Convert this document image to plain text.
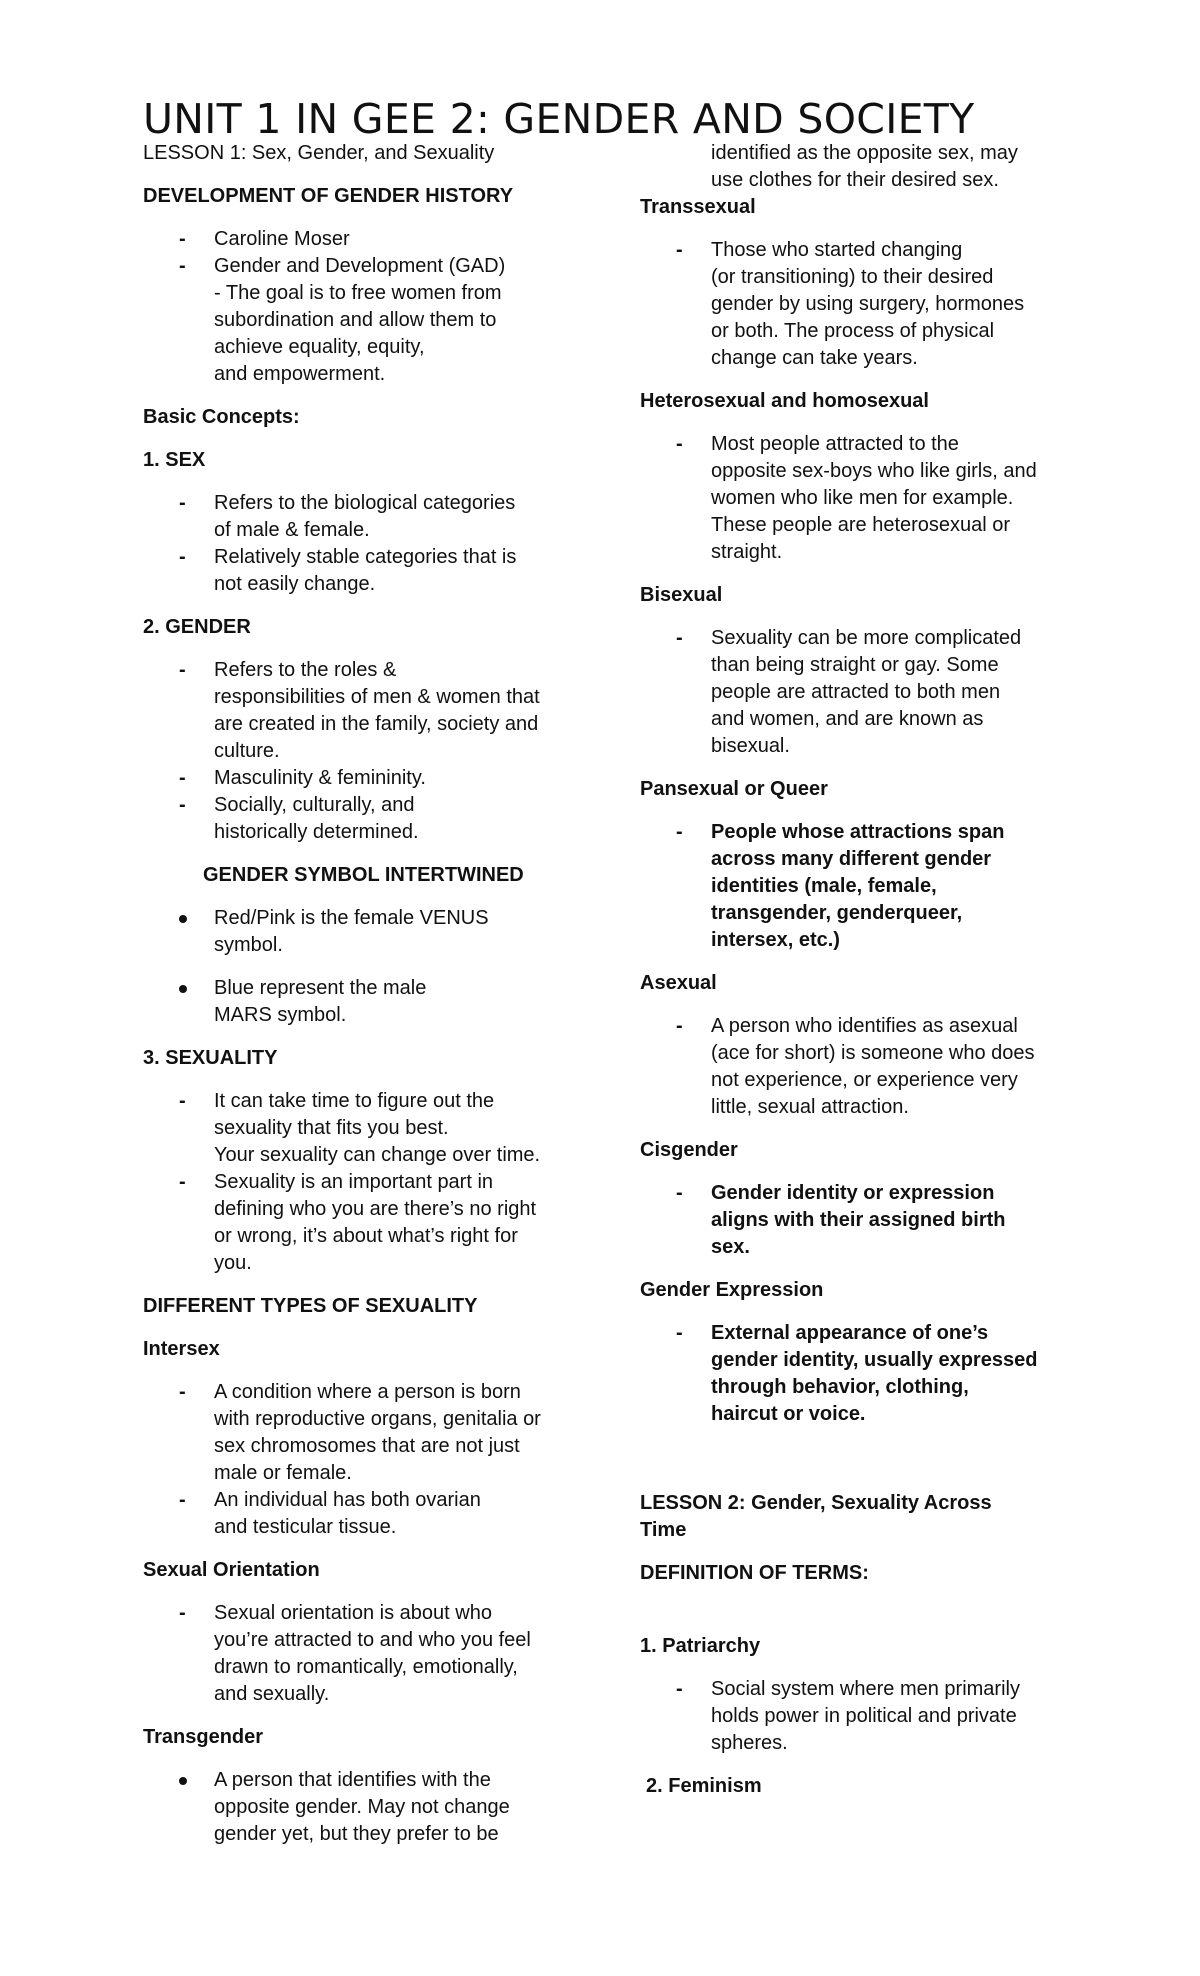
UNIT 1 IN GEE 2: GENDER AND SOCIETY

LESSON 1: Sex, Gender, and Sexuality

DEVELOPMENT OF GENDER HISTORY

- Caroline Moser
- Gender and Development (GAD)
- The goal is to free women from
subordination and allow them to
achieve equality, equity,
and empowerment.

Basic Concepts:

1. SEX

- Refers to the biological categories
of male & female.
- Relatively stable categories that is
not easily change.

2. GENDER

- Refers to the roles &
responsibilities of men & women that
are created in the family, society and
culture.
- Masculinity & femininity.
- Socially, culturally, and
historically determined.

GENDER SYMBOL INTERTWINED

Red/Pink is the female VENUS
symbol.
Blue represent the male
MARS symbol.

3. SEXUALITY

- It can take time to figure out the
sexuality that fits you best.
Your sexuality can change over time.
- Sexuality is an important part in
defining who you are there’s no right
or wrong, it’s about what’s right for
you.

DIFFERENT TYPES OF SEXUALITY

Intersex

- A condition where a person is born
with reproductive organs, genitalia or
sex chromosomes that are not just
male or female.
- An individual has both ovarian
and testicular tissue.

Sexual Orientation

- Sexual orientation is about who
you’re attracted to and who you feel
drawn to romantically, emotionally,
and sexually.

Transgender

A person that identifies with the
opposite gender. May not change
gender yet, but they prefer to be

identified as the opposite sex, may
use clothes for their desired sex.

Transsexual

- Those who started changing
(or transitioning) to their desired
gender by using surgery, hormones
or both. The process of physical
change can take years.

Heterosexual and homosexual

- Most people attracted to the
opposite sex-boys who like girls, and
women who like men for example.
These people are heterosexual or
straight.

Bisexual

- Sexuality can be more complicated
than being straight or gay. Some
people are attracted to both men
and women, and are known as
bisexual.

Pansexual or Queer

- People whose attractions span
across many different gender
identities (male, female,
transgender, genderqueer,
intersex, etc.)

Asexual

- A person who identifies as asexual
(ace for short) is someone who does
not experience, or experience very
little, sexual attraction.

Cisgender

- Gender identity or expression
aligns with their assigned birth
sex.

Gender Expression

- External appearance of one’s
gender identity, usually expressed
through behavior, clothing,
haircut or voice.

LESSON 2: Gender, Sexuality Across
Time

DEFINITION OF TERMS:

1. Patriarchy

- Social system where men primarily
holds power in political and private
spheres.

2. Feminism
